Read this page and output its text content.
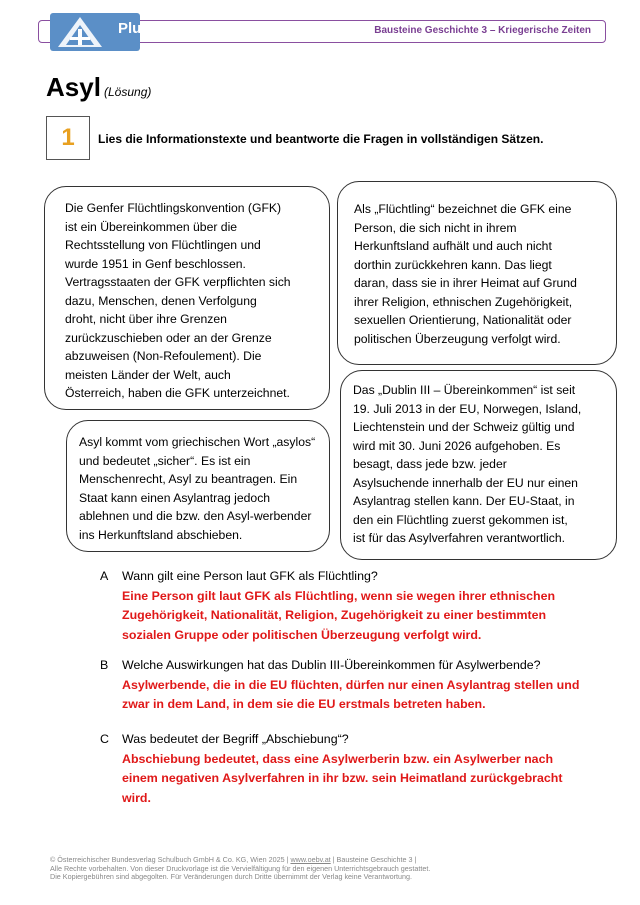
Bausteine Geschichte 3 – Kriegerische Zeiten
Plus
Asyl (Lösung)
1	Lies die Informationstexte und beantworte die Fragen in vollständigen Sätzen.

Die Genfer Flüchtlingskonvention (GFK)

ist ein Übereinkommen über die

Rechtsstellung von Flüchtlingen und

wurde 1951 in Genf beschlossen.

Vertragsstaaten der GFK verpflichten sich

dazu, Menschen, denen Verfolgung

droht, nicht über ihre Grenzen

zurückzuschieben oder an der Grenze

abzuweisen (Non-Refoulement). Die

meisten Länder der Welt, auch

Österreich, haben die GFK unterzeichnet.

Als „Flüchtling“ bezeichnet die GFK eine

Person, die sich nicht in ihrem

Herkunftsland aufhält und auch nicht

dorthin zurückkehren kann. Das liegt

daran, dass sie in ihrer Heimat auf Grund

ihrer Religion, ethnischen Zugehörigkeit,

sexuellen Orientierung, Nationalität oder

politischen Überzeugung verfolgt wird.

Asyl kommt vom griechischen Wort „asylos“

und bedeutet „sicher“. Es ist ein

Menschenrecht, Asyl zu beantragen. Ein

Staat kann einen Asylantrag jedoch

ablehnen und die bzw. den Asyl-werbender

ins Herkunftsland abschieben.

Das „Dublin III – Übereinkommen“ ist seit

19. Juli 2013 in der EU, Norwegen, Island,

Liechtenstein und der Schweiz gültig und

wird mit 30. Juni 2026 aufgehoben. Es

besagt, dass jede bzw. jeder

Asylsuchende innerhalb der EU nur einen

Asylantrag stellen kann. Der EU-Staat, in

den ein Flüchtling zuerst gekommen ist,

ist für das Asylverfahren verantwortlich.

A Wann gilt eine Person laut GFK als Flüchtling?
Eine Person gilt laut GFK als Flüchtling, wenn sie wegen ihrer ethnischen Zugehörigkeit, Nationalität, Religion, Zugehörigkeit zu einer bestimmten sozialen Gruppe oder politischen Überzeugung verfolgt wird.
B Welche Auswirkungen hat das Dublin III-Übereinkommen für Asylwerbende?
Asylwerbende, die in die EU flüchten, dürfen nur einen Asylantrag stellen und zwar in dem Land, in dem sie die EU erstmals betreten haben.
C Was bedeutet der Begriff „Abschiebung“?
Abschiebung bedeutet, dass eine Asylwerberin bzw. ein Asylwerber nach einem negativen Asylverfahren in ihr bzw. sein Heimatland zurückgebracht wird.
© Österreichischer Bundesverlag Schulbuch GmbH & Co. KG, Wien 2025 | www.oebv.at | Bausteine Geschichte 3 |
Alle Rechte vorbehalten. Von dieser Druckvorlage ist die Vervielfältigung für den eigenen Unterrichtsgebrauch gestattet.
Die Kopiergebühren sind abgegolten. Für Veränderungen durch Dritte übernimmt der Verlag keine Verantwortung.
